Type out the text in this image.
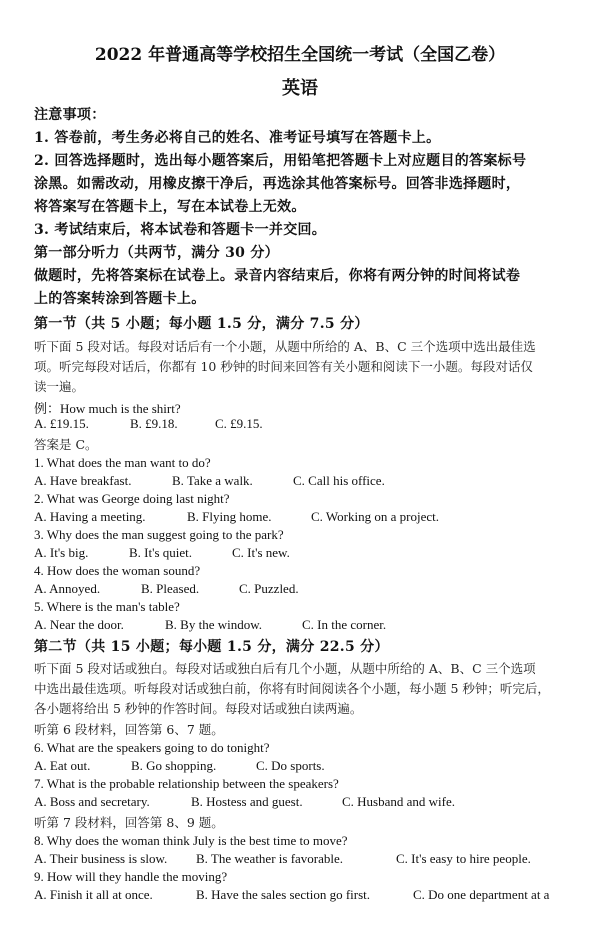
2022 年普通高等学校招生全国统一考试（全国乙卷）
英语
注意事项：
1. 答卷前，考生务必将自己的姓名、准考证号填写在答题卡上。
2. 回答选择题时，选出每小题答案后，用铅笔把答题卡上对应题目的答案标号
涂黑。如需改动，用橡皮擦干净后，再选涂其他答案标号。回答非选择题时，
将答案写在答题卡上，写在本试卷上无效。
3. 考试结束后，将本试卷和答题卡一并交回。
第一部分听力（共两节，满分 30 分）
做题时，先将答案标在试卷上。录音内容结束后，你将有两分钟的时间将试卷
上的答案转涂到答题卡上。
第一节（共 5 小题；每小题 1.5 分，满分 7.5 分）
听下面 5 段对话。每段对话后有一个小题，从题中所给的 A、B、C 三个选项中选出最佳选
项。听完每段对话后，你都有 10 秒钟的时间来回答有关小题和阅读下一小题。每段对话仅
读一遍。
例：How much is the shirt?
A. £19.15.	B. £9.18.	C. £9.15.
答案是 C。
1. What does the man want to do?
A. Have breakfast.	B. Take a walk.	C. Call his office.
2. What was George doing last night?
A. Having a meeting.	B. Flying home.	C. Working on a project.
3. Why does the man suggest going to the park?
A. It's big.	B. It's quiet.	C. It's new.
4. How does the woman sound?
A. Annoyed.	B. Pleased.	C. Puzzled.
5. Where is the man's table?
A. Near the door.	B. By the window.	C. In the corner.
第二节（共 15 小题；每小题 1.5 分，满分 22.5 分）
听下面 5 段对话或独白。每段对话或独白后有几个小题，从题中所给的 A、B、C 三个选项
中选出最佳选项。听每段对话或独白前，你将有时间阅读各个小题，每小题 5 秒钟；听完后，
各小题将给出 5 秒钟的作答时间。每段对话或独白读两遍。
听第 6 段材料，回答第 6、7 题。
6. What are the speakers going to do tonight?
A. Eat out.	B. Go shopping.	C. Do sports.
7. What is the probable relationship between the speakers?
A. Boss and secretary.	B. Hostess and guest.	C. Husband and wife.
听第 7 段材料，回答第 8、9 题。
8. Why does the woman think July is the best time to move?
A. Their business is slow. B. The weather is favorable.	C. It's easy to hire people.
9. How will they handle the moving?
A. Finish it all at once.	B. Have the sales section go first.	C. Do one department at a
